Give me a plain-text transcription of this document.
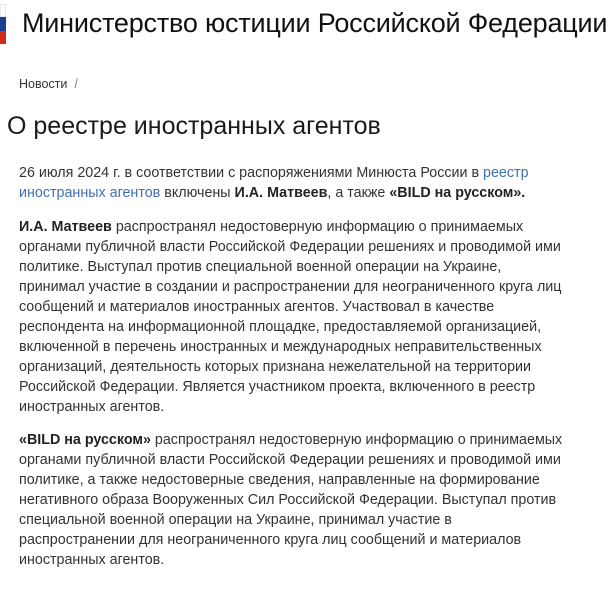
Министерство юстиции Российской Федерации
Новости /
О реестре иностранных агентов

26 июля 2024 г. в соответствии с распоряжениями Минюста России в реестр
иностранных агентов включены И.А. Матвеев, а также «BILD на русском».

И.А. Матвеев распространял недостоверную информацию о принимаемых
органами публичной власти Российской Федерации решениях и проводимой ими
политике. Выступал против специальной военной операции на Украине,
принимал участие в создании и распространении для неограниченного круга лиц
сообщений и материалов иностранных агентов. Участвовал в качестве
респондента на информационной площадке, предоставляемой организацией,
включенной в перечень иностранных и международных неправительственных
организаций, деятельность которых признана нежелательной на территории
Российской Федерации. Является участником проекта, включенного в реестр
иностранных агентов.

«BILD на русском» распространял недостоверную информацию о принимаемых
органами публичной власти Российской Федерации решениях и проводимой ими
политике, а также недостоверные сведения, направленные на формирование
негативного образа Вооруженных Сил Российской Федерации. Выступал против
специальной военной операции на Украине, принимал участие в
распространении для неограниченного круга лиц сообщений и материалов
иностранных агентов.
